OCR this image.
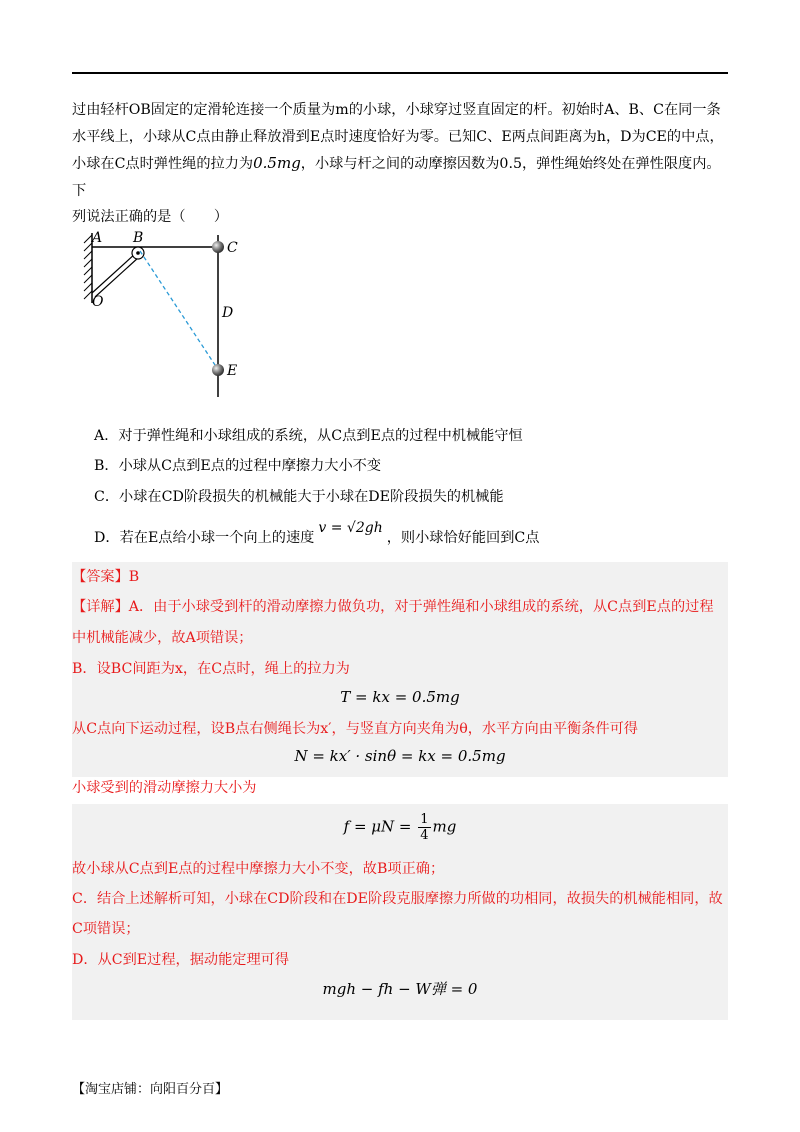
过由轻杆OB固定的定滑轮连接一个质量为m的小球，小球穿过竖直固定的杆。初始时A、B、C在同一条
水平线上，小球从C点由静止释放滑到E点时速度恰好为零。已知C、E两点间距离为h，D为CE的中点，
小球在C点时弹性绳的拉力为0.5mg，小球与杆之间的动摩擦因数为0.5，弹性绳始终处在弹性限度内。下
列说法正确的是（　　）
A B
C
D
E
O
A．对于弹性绳和小球组成的系统，从C点到E点的过程中机械能守恒
B．小球从C点到E点的过程中摩擦力大小不变
C．小球在CD阶段损失的机械能大于小球在DE阶段损失的机械能
D．若在E点给小球一个向上的速度v = √2gh，则小球恰好能回到C点
【答案】B
【详解】A．由于小球受到杆的滑动摩擦力做负功，对于弹性绳和小球组成的系统，从C点到E点的过程
中机械能减少，故A项错误；
B．设BC间距为x，在C点时，绳上的拉力为
T = kx = 0.5mg
从C点向下运动过程，设B点右侧绳长为x′，与竖直方向夹角为θ，水平方向由平衡条件可得
N = kx′ · sinθ = kx = 0.5mg
小球受到的滑动摩擦力大小为
$f = \mu N = \frac{1}{4}$ mg
故小球从C点到E点的过程中摩擦力大小不变，故B项正确；
C．结合上述解析可知，小球在CD阶段和在DE阶段克服摩擦力所做的功相同，故损失的机械能相同，故
C项错误；
D．从C到E过程，据动能定理可得
mgh − fh − W弹 = 0
【淘宝店铺：向阳百分百】
